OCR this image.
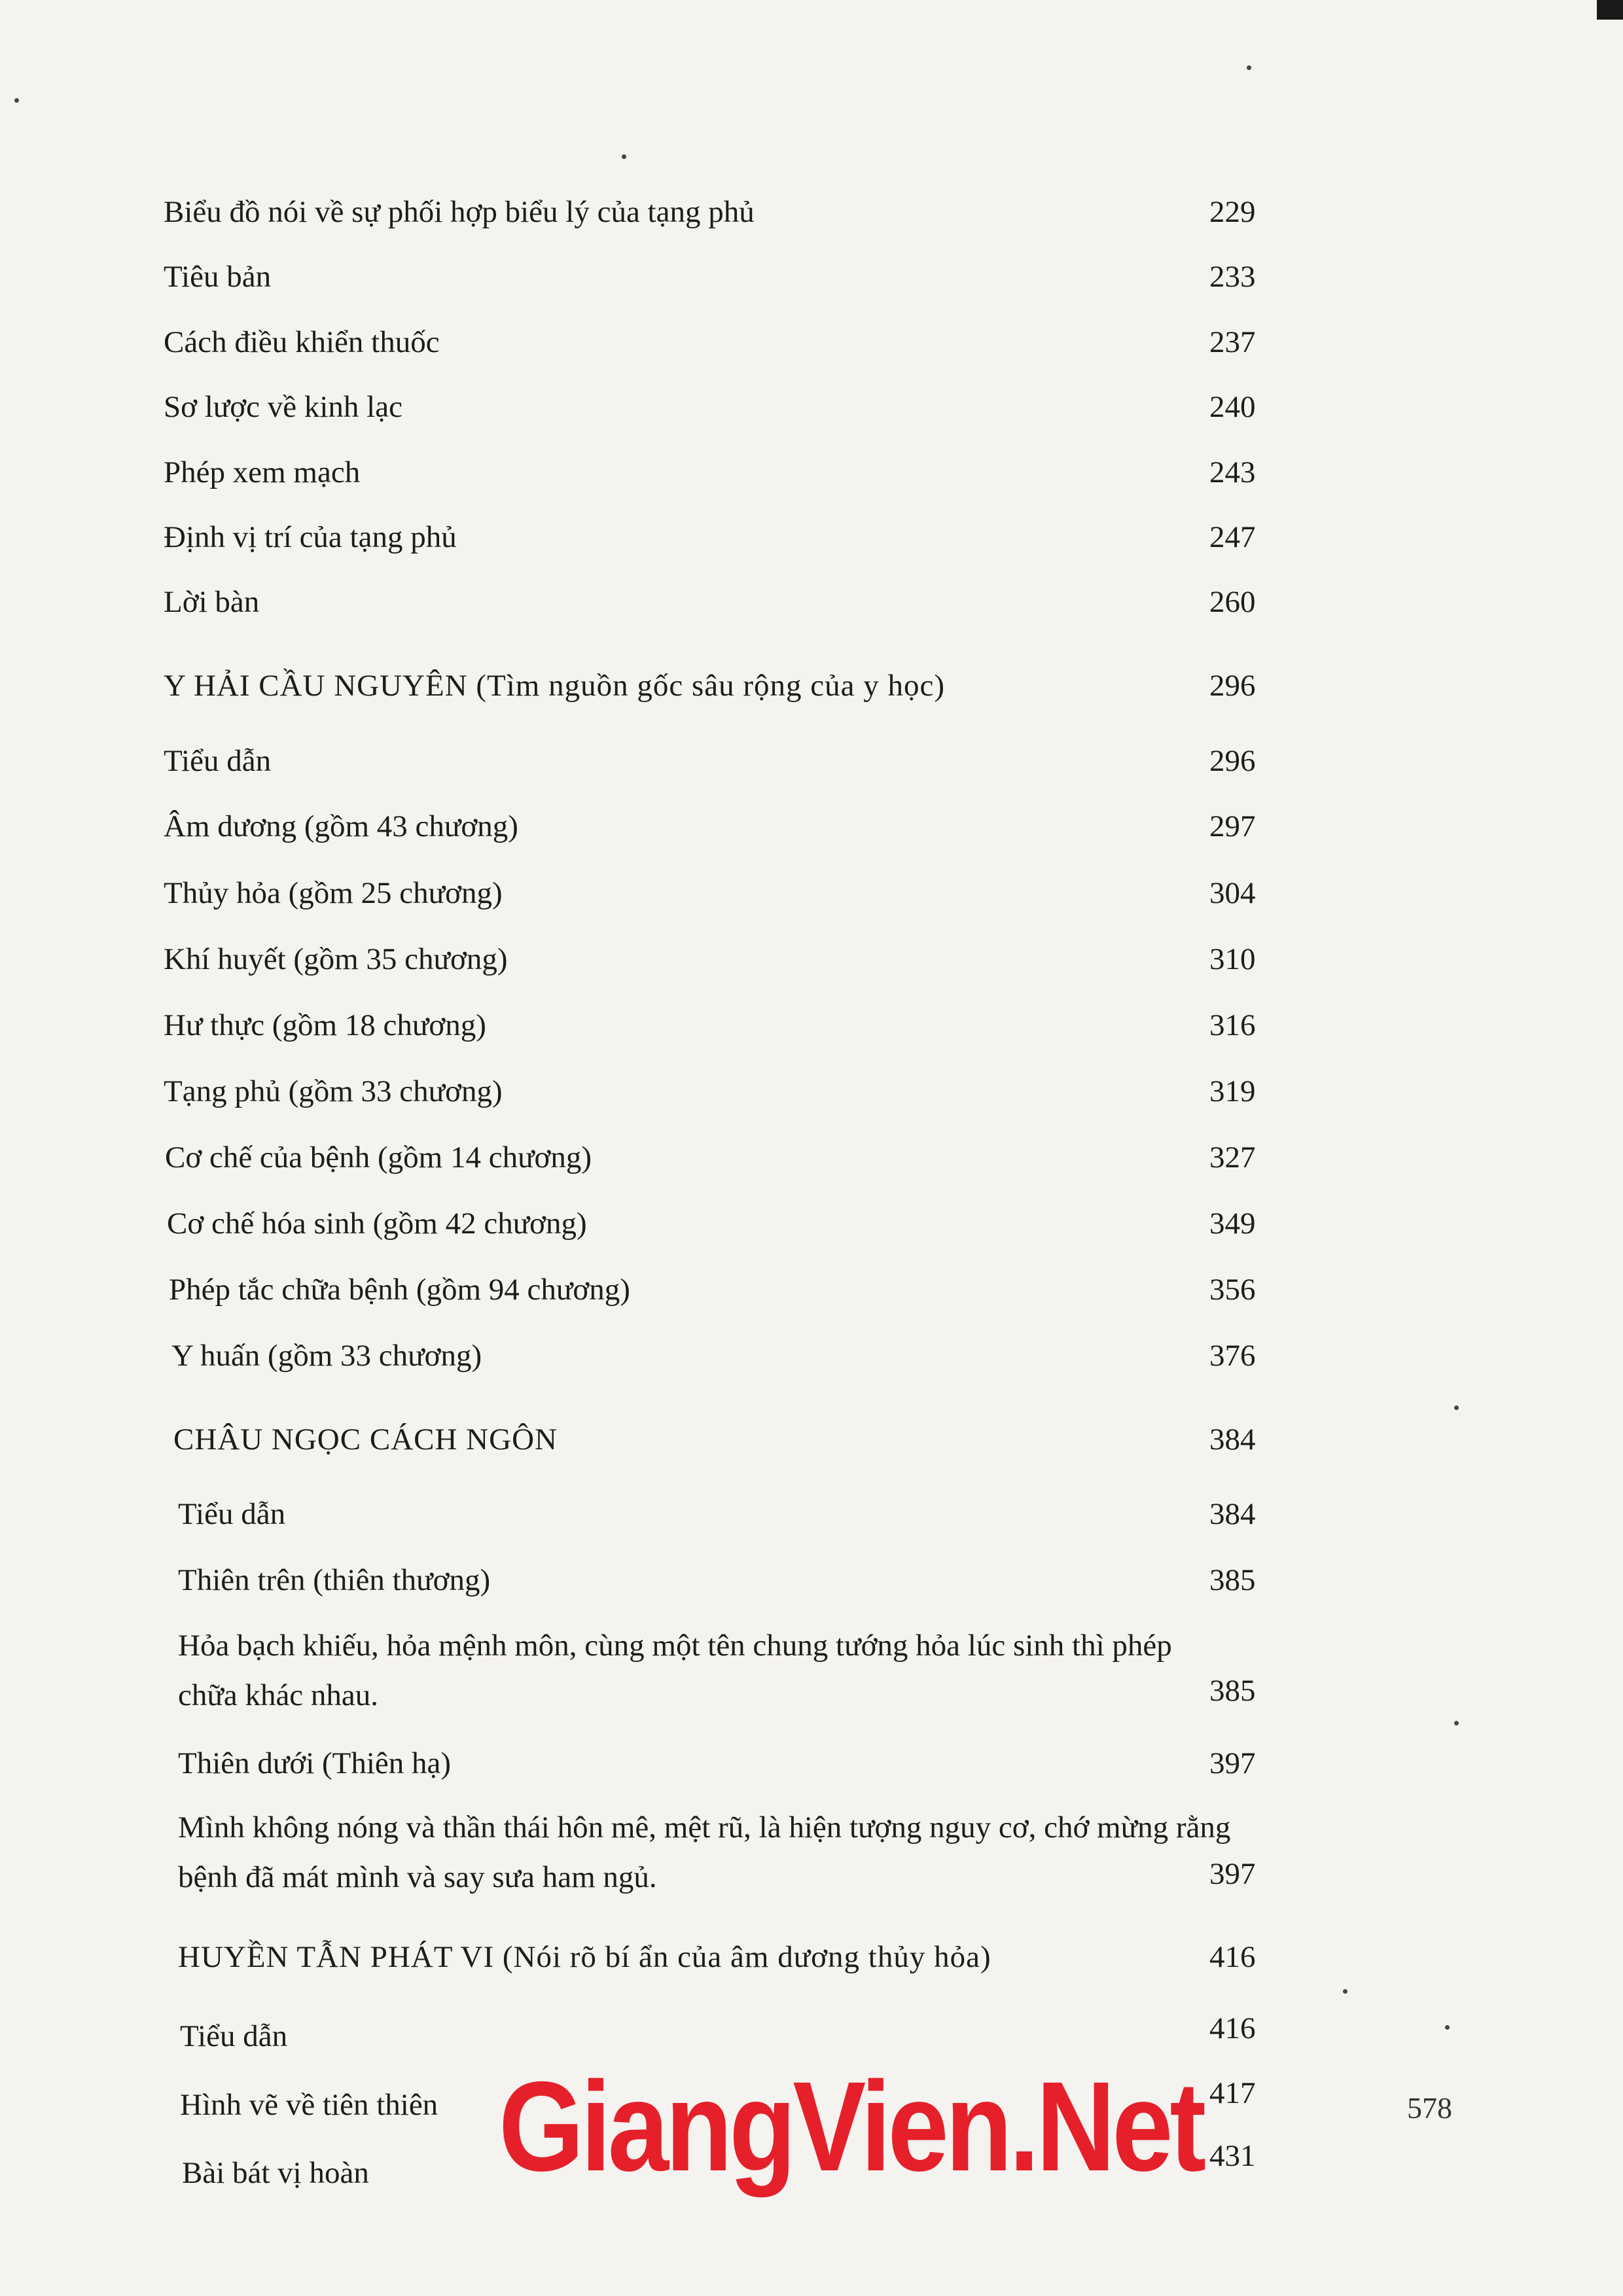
Biểu đồ nói về sự phối hợp biểu lý của tạng phủ	229
Tiêu bản	233
Cách điều khiển thuốc	237
Sơ lược về kinh lạc	240
Phép xem mạch	243
Định vị trí của tạng phủ	247
Lời bàn	260
Y HẢI CẦU NGUYÊN (Tìm nguồn gốc sâu rộng của y học)	296
Tiểu dẫn	296
Âm dương (gồm 43 chương)	297
Thủy hỏa (gồm 25 chương)	304
Khí huyết (gồm 35 chương)	310
Hư thực (gồm 18 chương)	316
Tạng phủ (gồm 33 chương)	319
Cơ chế của bệnh (gồm 14 chương)	327
Cơ chế hóa sinh (gồm 42 chương)	349
Phép tắc chữa bệnh (gồm 94 chương)	356
Y huấn (gồm 33 chương)	376
CHÂU NGỌC CÁCH NGÔN	384
Tiểu dẫn	384
Thiên trên (thiên thương)	385
Hỏa bạch khiếu, hỏa mệnh môn, cùng một tên chung tướng hỏa lúc sinh thì phép chữa khác nhau.	385
Thiên dưới (Thiên hạ)	397
Mình không nóng và thần thái hôn mê, mệt rũ, là hiện tượng nguy cơ, chớ mừng rằng bệnh đã mát mình và say sưa ham ngủ.	397
HUYỀN TẪN PHÁT VI (Nói rõ bí ẩn của âm dương thủy hỏa)	416
Tiểu dẫn	416
Hình vẽ về tiên thiên	417
Bài bát vị hoàn	431
578
GiangVien.Net
